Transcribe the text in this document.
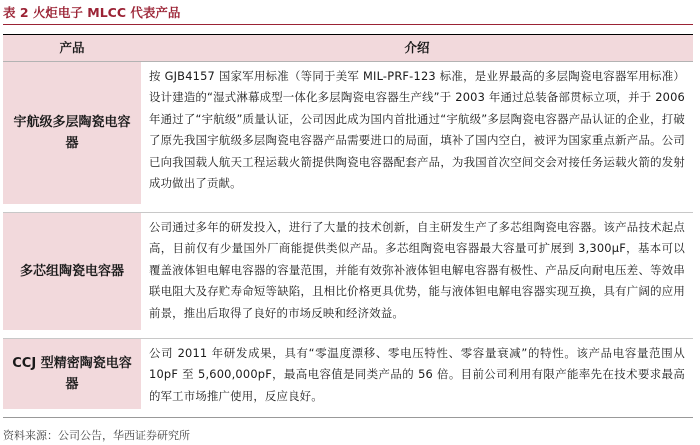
表 2 火炬电子 MLCC 代表产品
产品	介绍
宇航级多层陶瓷电容器
按 GJB4157 国家军用标准（等同于美军 MIL-PRF-123 标准，是业界最高的多层陶瓷电容器军用标准）设计建造的“湿式淋幕成型一体化多层陶瓷电容器生产线”于 2003 年通过总装备部贯标立项，并于 2006 年通过了“宇航级”质量认证，公司因此成为国内首批通过“宇航级”多层陶瓷电容器产品认证的企业，打破了原先我国宇航级多层陶瓷电容器产品需要进口的局面，填补了国内空白，被评为国家重点新产品。公司已向我国载人航天工程运载火箭提供陶瓷电容器配套产品，为我国首次空间交会对接任务运载火箭的发射成功做出了贡献。
多芯组陶瓷电容器
公司通过多年的研发投入，进行了大量的技术创新，自主研发生产了多芯组陶瓷电容器。该产品技术起点高，目前仅有少量国外厂商能提供类似产品。多芯组陶瓷电容器最大容量可扩展到 3,300μF，基本可以覆盖液体钽电解电容器的容量范围，并能有效弥补液体钽电解电容器有极性、产品反向耐电压差、等效串联电阻大及存贮寿命短等缺陷，且相比价格更具优势，能与液体钽电解电容器实现互换，具有广阔的应用前景，推出后取得了良好的市场反映和经济效益。
CCJ 型精密陶瓷电容器
公司 2011 年研发成果，具有“零温度漂移、零电压特性、零容量衰减”的特性。该产品电容量范围从 10pF 至 5,600,000pF，最高电容值是同类产品的 56 倍。目前公司利用有限产能率先在技术要求最高的军工市场推广使用，反应良好。
资料来源：公司公告，华西证券研究所
